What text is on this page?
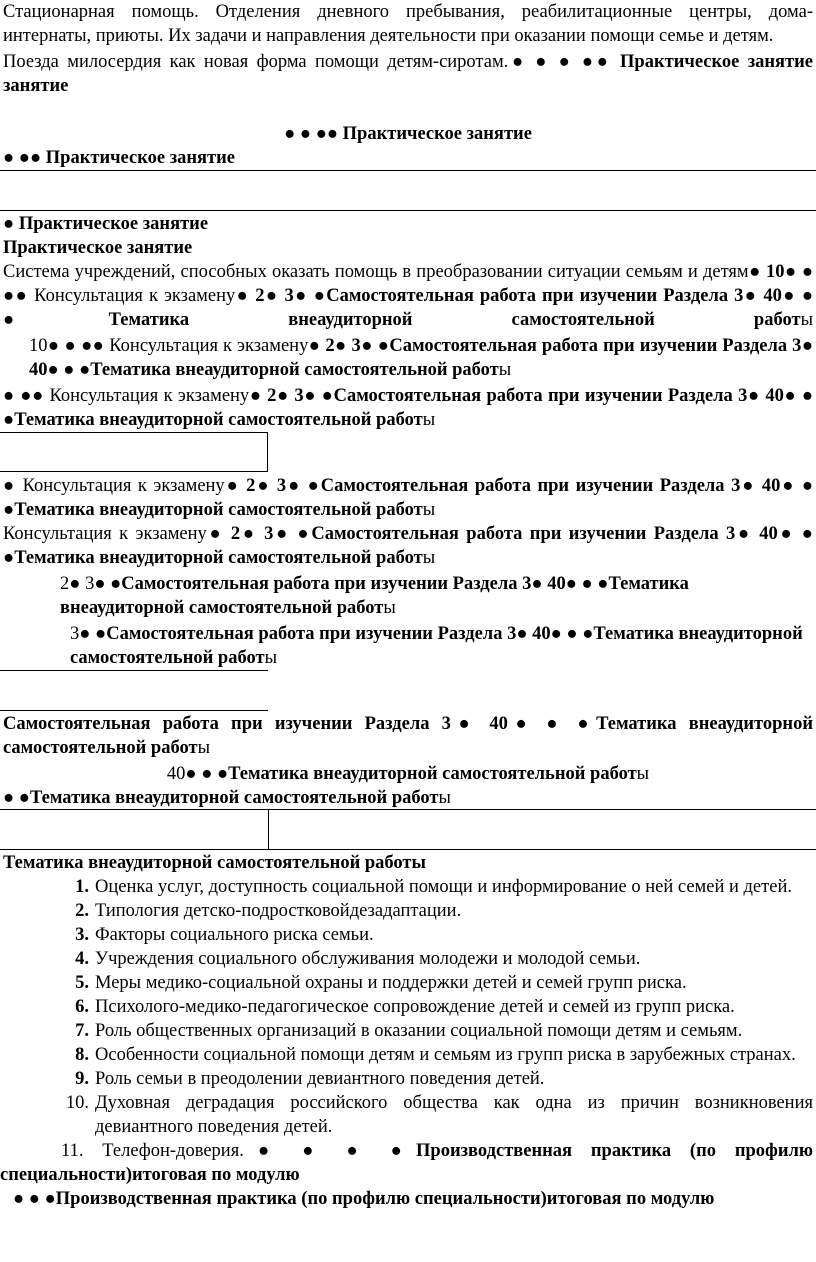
Стационарная помощь. Отделения дневного пребывания, реабилитационные центры, дома-интернаты, приюты. Их задачи и направления деятельности при оказании помощи семье и детям.

Поезда милосердия как новая форма помощи детям-сиротам.● ● ● ●● Практическое занятие

занятие

● ● ●● Практическое занятие
● ●● Практическое занятие
● Практическое занятие
Практическое занятие

Система учреждений, способных оказать помощь в преобразовании ситуации семьям и детям● 10● ● ●● Консультация к экзамену● 2● 3● ●Самостоятельная работа при изучении Раздела 3● 40● ● ●Тематика внеаудиторной самостоятельной работы

10● ● ●● Консультация к экзамену● 2● 3● ●Самостоятельная работа при изучении Раздела 3● 40● ● ●Тематика внеаудиторной самостоятельной работы

● ●● Консультация к экзамену● 2● 3● ●Самостоятельная работа при изучении Раздела 3● 40● ● ●Тематика внеаудиторной самостоятельной работы

● Консультация к экзамену● 2● 3● ●Самостоятельная работа при изучении Раздела 3● 40● ● ●Тематика внеаудиторной самостоятельной работы

Консультация к экзамену● 2● 3● ●Самостоятельная работа при изучении Раздела 3● 40● ● ●Тематика внеаудиторной самостоятельной работы

2● 3● ●Самостоятельная работа при изучении Раздела 3● 40● ● ●Тематика внеаудиторной самостоятельной работы

3● ●Самостоятельная работа при изучении Раздела 3● 40● ● ●Тематика внеаудиторной самостоятельной работы

Самостоятельная работа при изучении Раздела 3● 40● ● ●Тематика внеаудиторной самостоятельной работы

40● ● ●Тематика внеаудиторной самостоятельной работы
● ●Тематика внеаудиторной самостоятельной работы
Тематика внеаудиторной самостоятельной работы
1. Оценка услуг, доступность социальной помощи и информирование о ней семей и детей.
2. Типология детско-подростковойдезадаптации.
3. Факторы социального риска семьи.
4. Учреждения социального обслуживания молодежи и молодой семьи.
5. Меры медико-социальной охраны и поддержки детей и семей групп риска.
6. Психолого-медико-педагогическое сопровождение детей и семей из групп риска.
7. Роль общественных организаций в оказании социальной помощи детям и семьям.
8. Особенности социальной помощи детям и семьям из групп риска в зарубежных странах.
9. Роль семьи в преодолении девиантного поведения детей.
10. Духовная деградация российского общества как одна из причин возникновения девиантного поведения детей.

11. Телефон-доверия.● ● ● ●Производственная практика (по профилю

специальности)итоговая по модулю

● ● ●Производственная практика (по профилю специальности)итоговая по модулю
